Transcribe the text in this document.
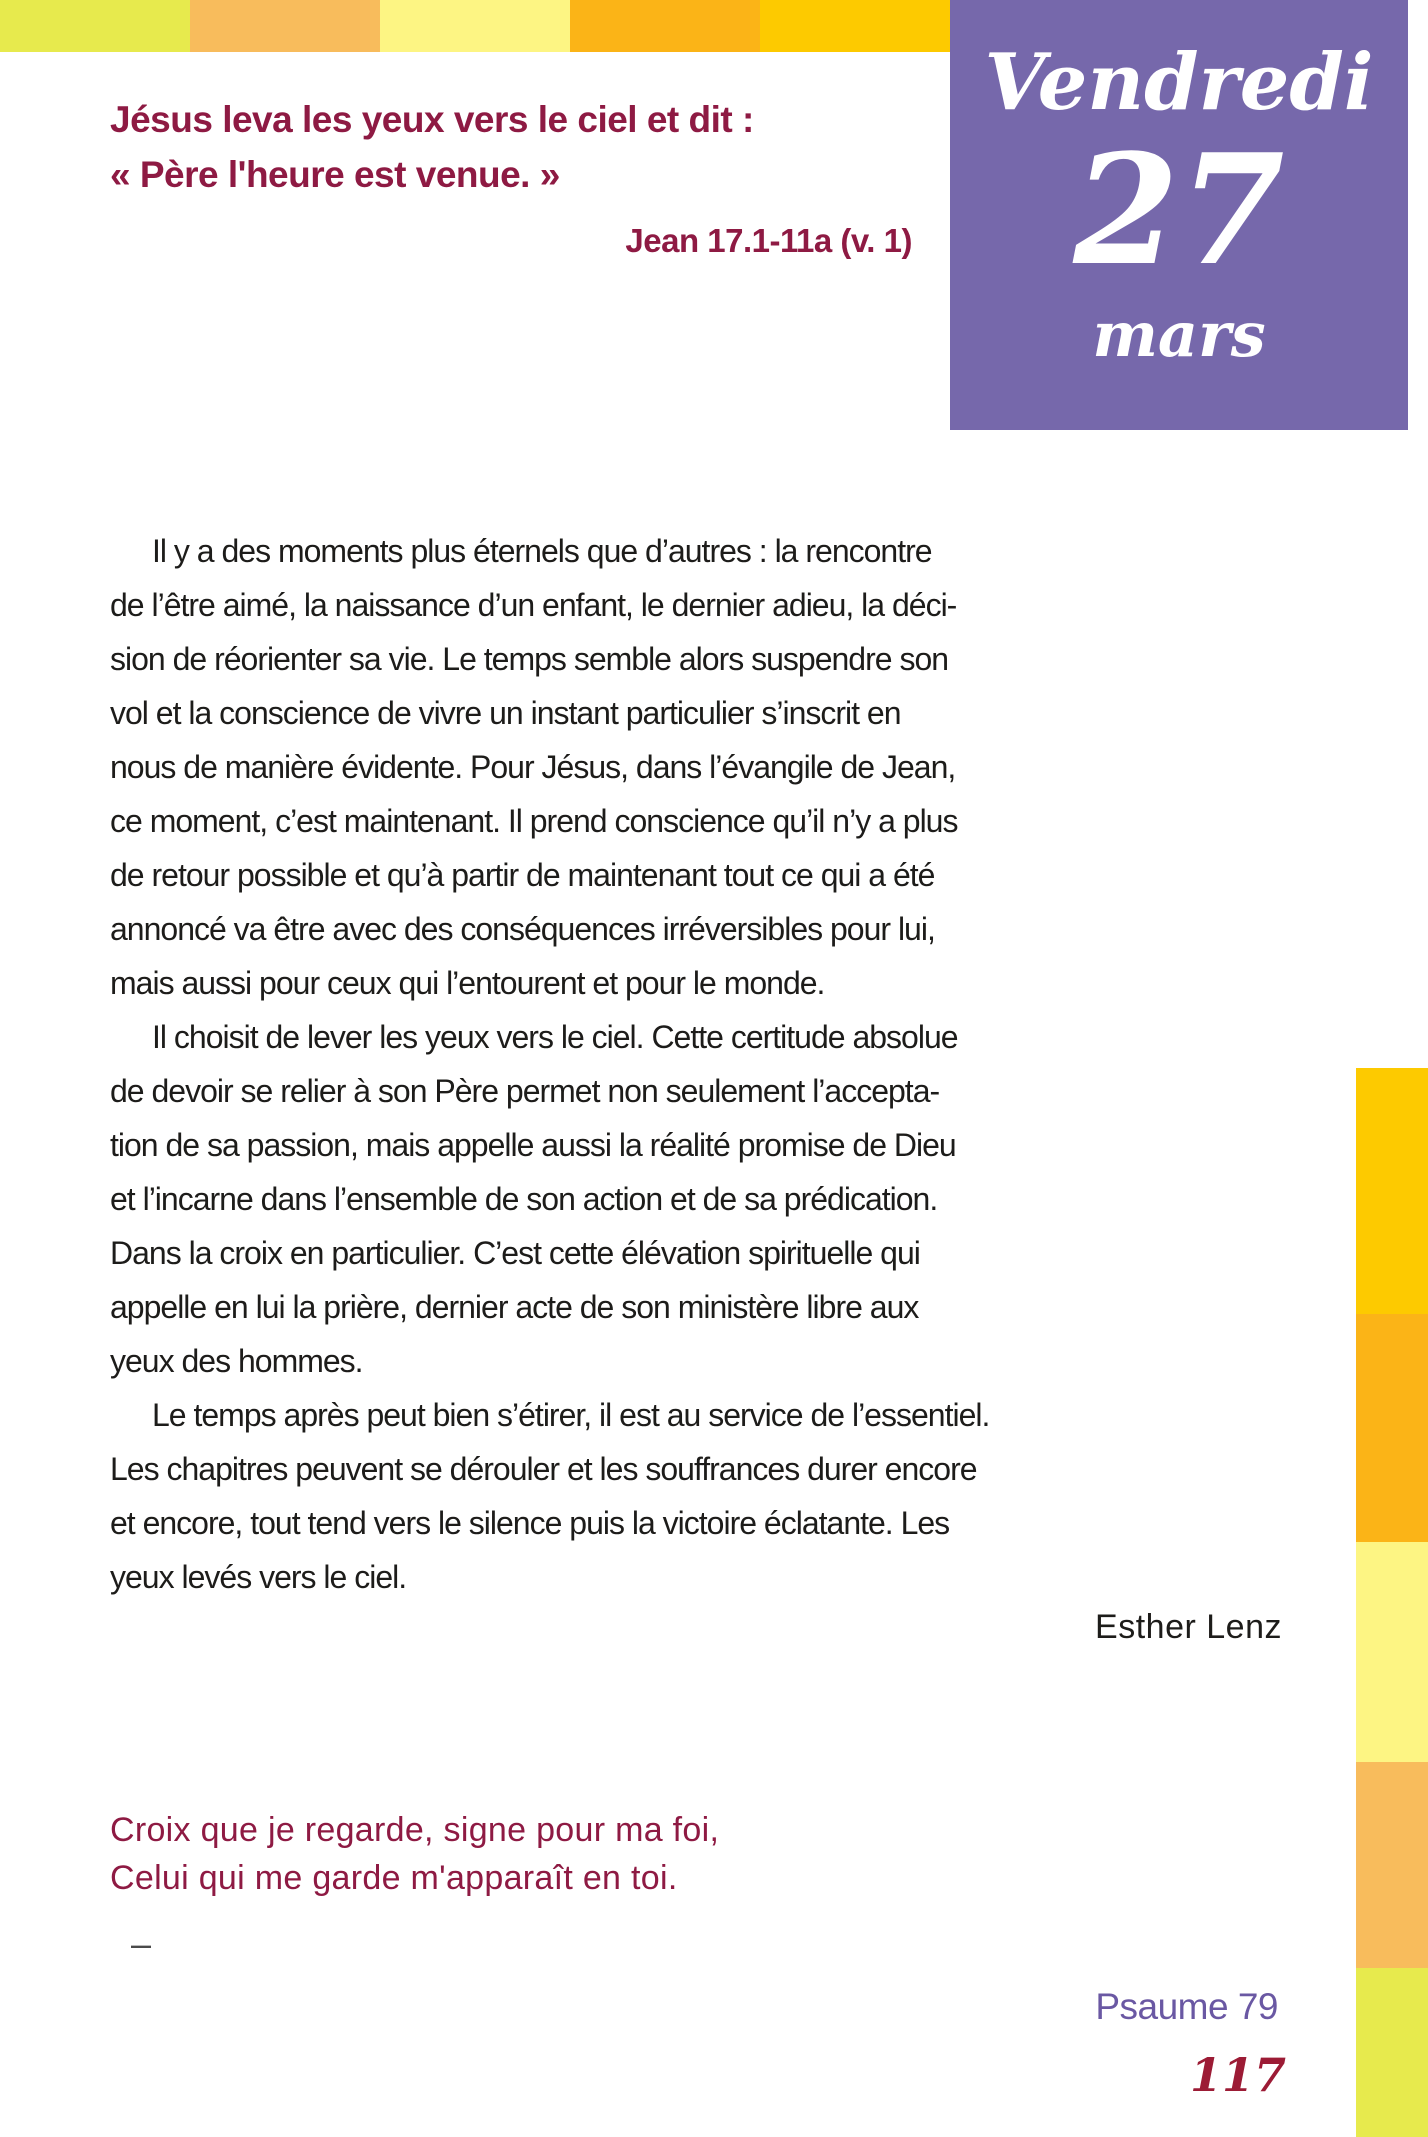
Vendredi
27
mars
Jésus leva les yeux vers le ciel et dit :
« Père l'heure est venue. »
Jean 17.1-11a (v. 1)
Il y a des moments plus éternels que d’autres : la rencontre
de l’être aimé, la naissance d’un enfant, le dernier adieu, la déci-
sion de réorienter sa vie. Le temps semble alors suspendre son
vol et la conscience de vivre un instant particulier s’inscrit en
nous de manière évidente. Pour Jésus, dans l’évangile de Jean,
ce moment, c’est maintenant. Il prend conscience qu’il n’y a plus
de retour possible et qu’à partir de maintenant tout ce qui a été
annoncé va être avec des conséquences irréversibles pour lui,
mais aussi pour ceux qui l’entourent et pour le monde.
Il choisit de lever les yeux vers le ciel. Cette certitude absolue
de devoir se relier à son Père permet non seulement l’accepta-
tion de sa passion, mais appelle aussi la réalité promise de Dieu
et l’incarne dans l’ensemble de son action et de sa prédication.
Dans la croix en particulier. C’est cette élévation spirituelle qui
appelle en lui la prière, dernier acte de son ministère libre aux
yeux des hommes.
Le temps après peut bien s’étirer, il est au service de l’essentiel.
Les chapitres peuvent se dérouler et les souffrances durer encore
et encore, tout tend vers le silence puis la victoire éclatante. Les
yeux levés vers le ciel.
Esther Lenz
Croix que je regarde, signe pour ma foi,
Celui qui me garde m'apparaît en toi.
–
Psaume 79
117
